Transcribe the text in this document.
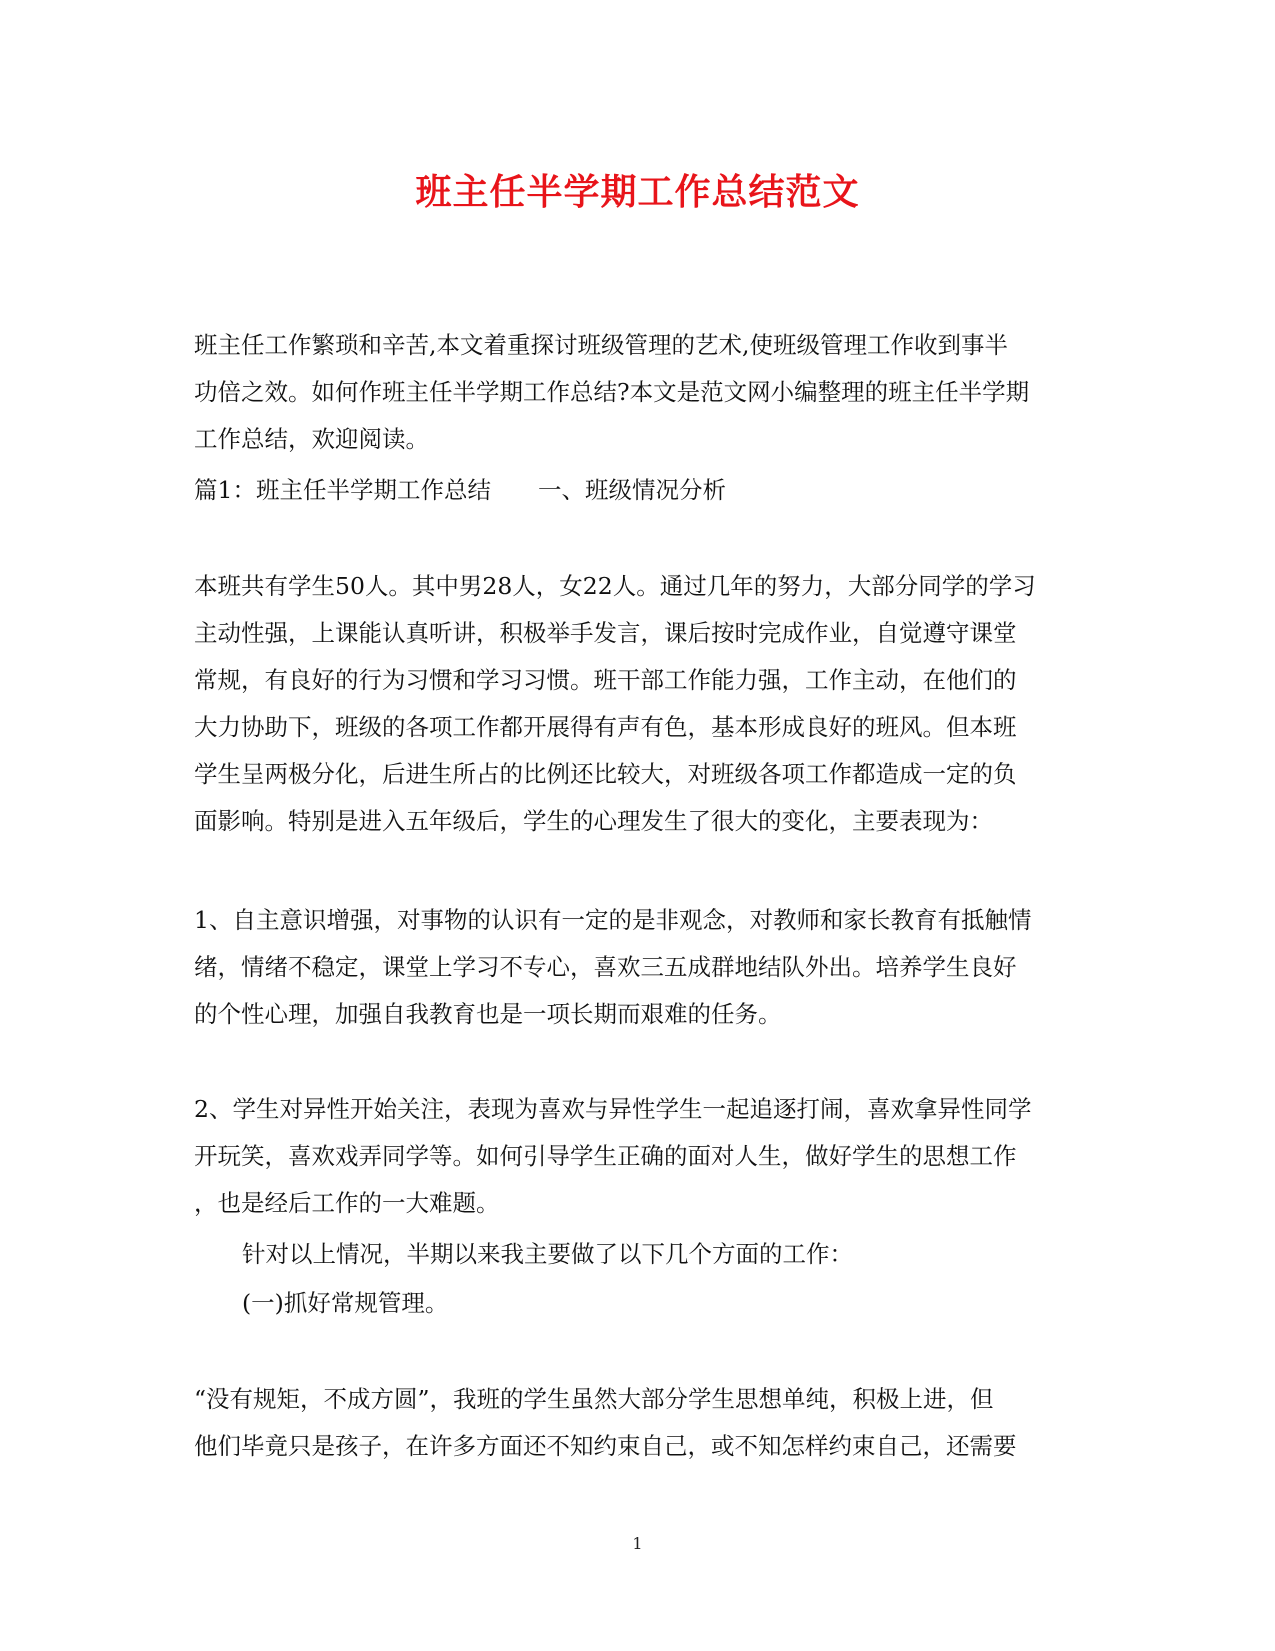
班主任半学期工作总结范文
班主任工作繁琐和辛苦,本文着重探讨班级管理的艺术,使班级管理工作收到事半
功倍之效。如何作班主任半学期工作总结?本文是范文网小编整理的班主任半学期
工作总结，欢迎阅读。
篇1：班主任半学期工作总结　　一、班级情况分析
本班共有学生50人。其中男28人，女22人。通过几年的努力，大部分同学的学习
主动性强，上课能认真听讲，积极举手发言，课后按时完成作业，自觉遵守课堂
常规，有良好的行为习惯和学习习惯。班干部工作能力强，工作主动，在他们的
大力协助下，班级的各项工作都开展得有声有色，基本形成良好的班风。但本班
学生呈两极分化，后进生所占的比例还比较大，对班级各项工作都造成一定的负
面影响。特别是进入五年级后，学生的心理发生了很大的变化，主要表现为：
1、自主意识增强，对事物的认识有一定的是非观念，对教师和家长教育有抵触情
绪，情绪不稳定，课堂上学习不专心，喜欢三五成群地结队外出。培养学生良好
的个性心理，加强自我教育也是一项长期而艰难的任务。
2、学生对异性开始关注，表现为喜欢与异性学生一起追逐打闹，喜欢拿异性同学
开玩笑，喜欢戏弄同学等。如何引导学生正确的面对人生，做好学生的思想工作
，也是经后工作的一大难题。
针对以上情况，半期以来我主要做了以下几个方面的工作：
(一)抓好常规管理。
“没有规矩，不成方圆”，我班的学生虽然大部分学生思想单纯，积极上进，但
他们毕竟只是孩子，在许多方面还不知约束自己，或不知怎样约束自己，还需要
1
